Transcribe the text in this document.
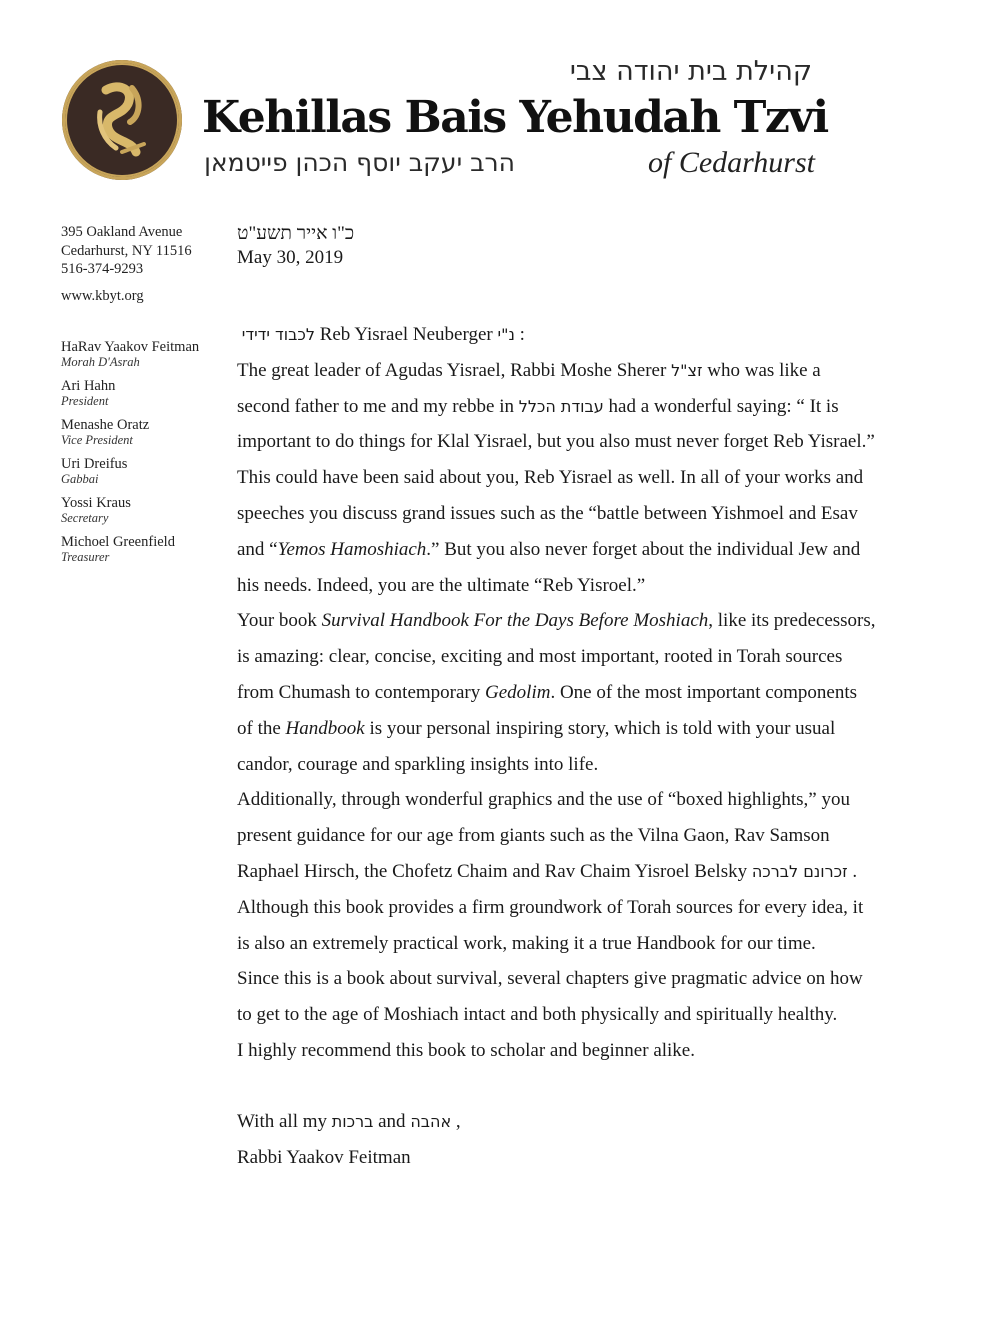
קהילת בית יהודה צבי
Kehillas Bais Yehudah Tzvi
הרב יעקב יוסף הכהן פייטמאן	of Cedarhurst
395 Oakland Avenue
Cedarhurst, NY 11516
516-374-9293
www.kbyt.org
HaRav Yaakov Feitman
Morah D'Asrah
Ari Hahn
President
Menashe Oratz
Vice President
Uri Dreifus
Gabbai
Yossi Kraus
Secretary
Michoel Greenfield
Treasurer
כ"ו אייר תשע"ט
May 30, 2019
לכבוד ידידי Reb Yisrael Neuberger נ"י :
The great leader of Agudas Yisrael, Rabbi Moshe Sherer זצ"ל who was like a
second father to me and my rebbe in עבודת הכלל had a wonderful saying: “ It is
important to do things for Klal Yisrael, but you also must never forget Reb Yisrael.”
This could have been said about you, Reb Yisrael as well. In all of your works and
speeches you discuss grand issues such as the “battle between Yishmoel and Esav
and “Yemos Hamoshiach.” But you also never forget about the individual Jew and
his needs. Indeed, you are the ultimate “Reb Yisroel.”
Your book Survival Handbook For the Days Before Moshiach, like its predecessors,
is amazing: clear, concise, exciting and most important, rooted in Torah sources
from Chumash to contemporary Gedolim. One of the most important components
of the Handbook is your personal inspiring story, which is told with your usual
candor, courage and sparkling insights into life.
Additionally, through wonderful graphics and the use of “boxed highlights,” you
present guidance for our age from giants such as the Vilna Gaon, Rav Samson
Raphael Hirsch, the Chofetz Chaim and Rav Chaim Yisroel Belsky זכרונם לברכה .
Although this book provides a firm groundwork of Torah sources for every idea, it
is also an extremely practical work, making it a true Handbook for our time.
Since this is a book about survival, several chapters give pragmatic advice on how
to get to the age of Moshiach intact and both physically and spiritually healthy.
I highly recommend this book to scholar and beginner alike.
With all my ברכות and אהבה ,
Rabbi Yaakov Feitman
